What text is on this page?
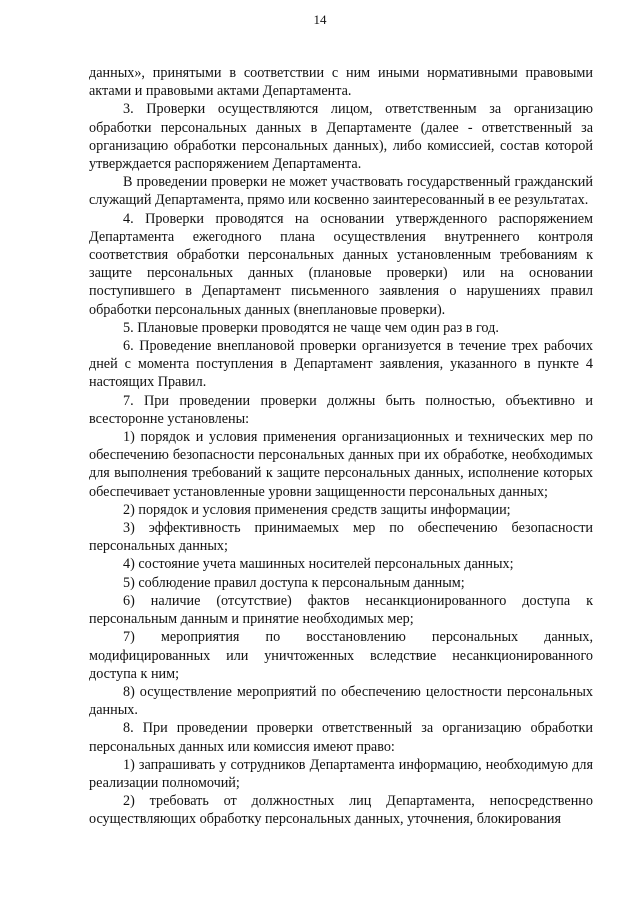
14

данных», принятыми в соответствии с ним иными нормативными правовыми актами и правовыми актами Департамента.

3. Проверки осуществляются лицом, ответственным за организацию обработки персональных данных в Департаменте (далее - ответственный за организацию обработки персональных данных), либо комиссией, состав которой утверждается распоряжением Департамента.

В проведении проверки не может участвовать государственный гражданский служащий Департамента, прямо или косвенно заинтересованный в ее результатах.

4. Проверки проводятся на основании утвержденного распоряжением Департамента ежегодного плана осуществления внутреннего контроля соответствия обработки персональных данных установленным требованиям к защите персональных данных (плановые проверки) или на основании поступившего в Департамент письменного заявления о нарушениях правил обработки персональных данных (внеплановые проверки).

5. Плановые проверки проводятся не чаще чем один раз в год.

6. Проведение внеплановой проверки организуется в течение трех рабочих дней с момента поступления в Департамент заявления, указанного в пункте 4 настоящих Правил.

7. При проведении проверки должны быть полностью, объективно и всесторонне установлены:

1) порядок и условия применения организационных и технических мер по обеспечению безопасности персональных данных при их обработке, необходимых для выполнения требований к защите персональных данных, исполнение которых обеспечивает установленные уровни защищенности персональных данных;

2) порядок и условия применения средств защиты информации;

3) эффективность принимаемых мер по обеспечению безопасности персональных данных;

4) состояние учета машинных носителей персональных данных;

5) соблюдение правил доступа к персональным данным;

6) наличие (отсутствие) фактов несанкционированного доступа к персональным данным и принятие необходимых мер;

7) мероприятия по восстановлению персональных данных, модифицированных или уничтоженных вследствие несанкционированного доступа к ним;

8) осуществление мероприятий по обеспечению целостности персональных данных.

8. При проведении проверки ответственный за организацию обработки персональных данных или комиссия имеют право:

1) запрашивать у сотрудников Департамента информацию, необходимую для реализации полномочий;

2) требовать от должностных лиц Департамента, непосредственно осуществляющих обработку персональных данных, уточнения, блокирования
